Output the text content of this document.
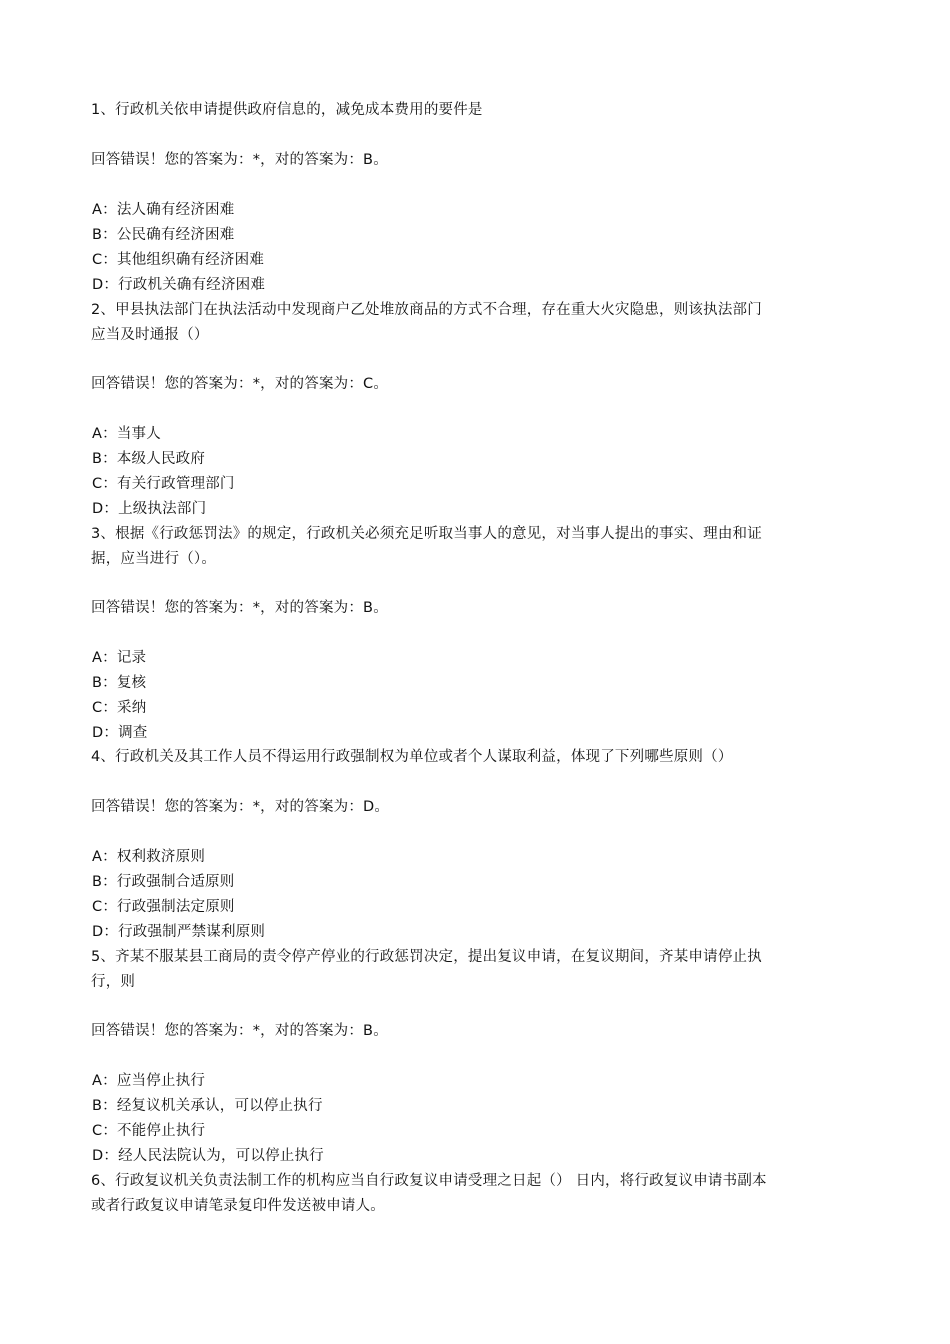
1、行政机关依申请提供政府信息的，减免成本费用的要件是
回答错误！您的答案为：*，对的答案为：B。
A：法人确有经济困难
B：公民确有经济困难
C：其他组织确有经济困难
D：行政机关确有经济困难
2、甲县执法部门在执法活动中发现商户乙处堆放商品的方式不合理，存在重大火灾隐患，则该执法部门
应当及时通报（）
回答错误！您的答案为：*，对的答案为：C。
A：当事人
B：本级人民政府
C：有关行政管理部门
D：上级执法部门
3、根据《行政惩罚法》的规定，行政机关必须充足听取当事人的意见，对当事人提出的事实、理由和证
据，应当进行（）。
回答错误！您的答案为：*，对的答案为：B。
A：记录
B：复核
C：采纳
D：调查
4、行政机关及其工作人员不得运用行政强制权为单位或者个人谋取利益，体现了下列哪些原则（）
回答错误！您的答案为：*，对的答案为：D。
A：权利救济原则
B：行政强制合适原则
C：行政强制法定原则
D：行政强制严禁谋利原则
5、齐某不服某县工商局的责令停产停业的行政惩罚决定，提出复议申请，在复议期间，齐某申请停止执
行，则
回答错误！您的答案为：*，对的答案为：B。
A：应当停止执行
B：经复议机关承认，可以停止执行
C：不能停止执行
D：经人民法院认为，可以停止执行
6、行政复议机关负责法制工作的机构应当自行政复议申请受理之日起（） 日内，将行政复议申请书副本
或者行政复议申请笔录复印件发送被申请人。
